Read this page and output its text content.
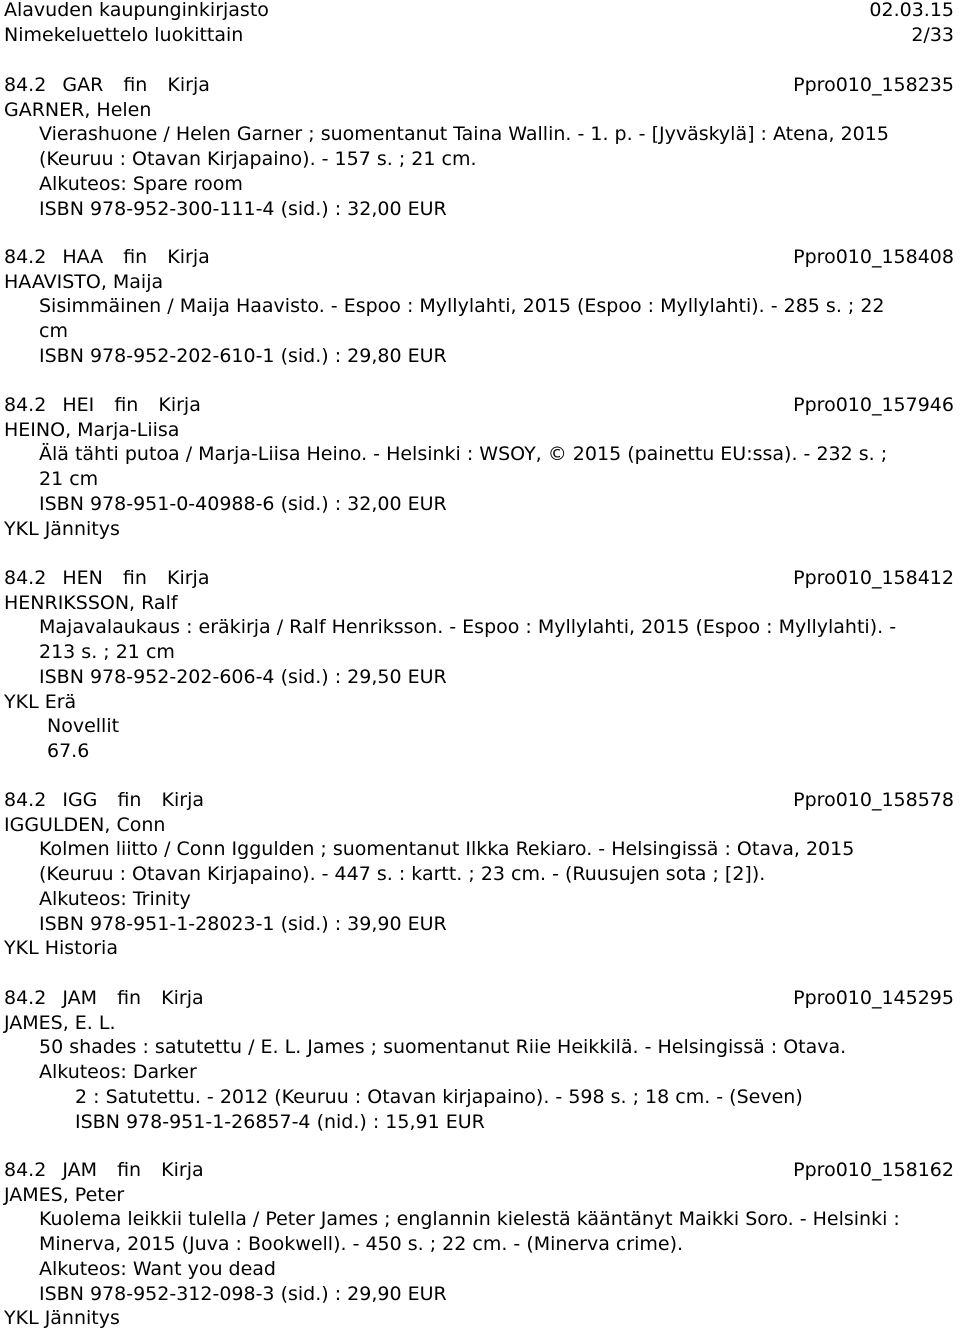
Alavuden kaupunginkirjasto	02.03.15
Nimekeluettelo luokittain	2/33
84.2 GAR fin Kirja	Ppro010_158235
GARNER, Helen
Vierashuone / Helen Garner ; suomentanut Taina Wallin. - 1. p. - [Jyväskylä] : Atena, 2015
(Keuruu : Otavan Kirjapaino). - 157 s. ; 21 cm.
Alkuteos: Spare room
ISBN 978-952-300-111-4 (sid.) : 32,00 EUR
84.2 HAA fin Kirja	Ppro010_158408
HAAVISTO, Maija
Sisimmäinen / Maija Haavisto. - Espoo : Myllylahti, 2015 (Espoo : Myllylahti). - 285 s. ; 22
cm
ISBN 978-952-202-610-1 (sid.) : 29,80 EUR
84.2 HEI fin Kirja	Ppro010_157946
HEINO, Marja-Liisa
Älä tähti putoa / Marja-Liisa Heino. - Helsinki : WSOY, © 2015 (painettu EU:ssa). - 232 s. ;
21 cm
ISBN 978-951-0-40988-6 (sid.) : 32,00 EUR
YKL Jännitys
84.2 HEN fin Kirja	Ppro010_158412
HENRIKSSON, Ralf
Majavalaukaus : eräkirja / Ralf Henriksson. - Espoo : Myllylahti, 2015 (Espoo : Myllylahti). -
213 s. ; 21 cm
ISBN 978-952-202-606-4 (sid.) : 29,50 EUR
YKL Erä
Novellit
67.6
84.2 IGG fin Kirja	Ppro010_158578
IGGULDEN, Conn
Kolmen liitto / Conn Iggulden ; suomentanut Ilkka Rekiaro. - Helsingissä : Otava, 2015
(Keuruu : Otavan Kirjapaino). - 447 s. : kartt. ; 23 cm. - (Ruusujen sota ; [2]).
Alkuteos: Trinity
ISBN 978-951-1-28023-1 (sid.) : 39,90 EUR
YKL Historia
84.2 JAM fin Kirja	Ppro010_145295
JAMES, E. L.
50 shades : satutettu / E. L. James ; suomentanut Riie Heikkilä. - Helsingissä : Otava.
Alkuteos: Darker
2 : Satutettu. - 2012 (Keuruu : Otavan kirjapaino). - 598 s. ; 18 cm. - (Seven)
ISBN 978-951-1-26857-4 (nid.) : 15,91 EUR
84.2 JAM fin Kirja	Ppro010_158162
JAMES, Peter
Kuolema leikkii tulella / Peter James ; englannin kielestä kääntänyt Maikki Soro. - Helsinki :
Minerva, 2015 (Juva : Bookwell). - 450 s. ; 22 cm. - (Minerva crime).
Alkuteos: Want you dead
ISBN 978-952-312-098-3 (sid.) : 29,90 EUR
YKL Jännitys
